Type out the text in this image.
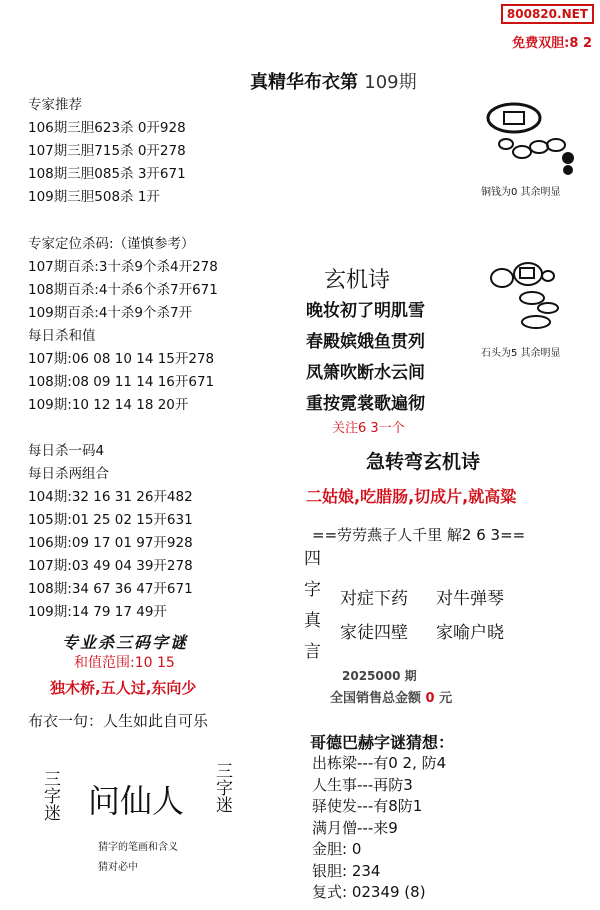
800820.NET
免费双胆:8 2
真精华布衣第 109期
专家推荐
106期三胆623杀 0开928
107期三胆715杀 0开278
108期三胆085杀 3开671
109期三胆508杀 1开
专家定位杀码:（谨慎参考）
107期百杀:3十杀9个杀4开278
108期百杀:4十杀6个杀7开671
109期百杀:4十杀9个杀7开
每日杀和值
107期:06 08 10 14 15开278
108期:08 09 11 14 16开671
109期:10 12 14 18 20开
每日杀一码4
每日杀两组合
104期:32 16 31 26开482
105期:01 25 02 15开631
106期:09 17 01 97开928
107期:03 49 04 39开278
108期:34 67 36 47开671
109期:14 79 17 49开
专业杀三码字谜
和值范围:10 15
独木桥,五人过,东向少
布衣一句：人生如此自可乐
三字迷 问仙人 三字迷
猜字的笔画和含义
猜对必中
铜钱为0 其余明显
石头为5 其余明显
玄机诗
晚妆初了明肌雪
春殿嫔娥鱼贯列
凤箫吹断水云间
重按霓裳歌遍彻
关注6 3一个
急转弯玄机诗
二姑娘,吃腊肠,切成片,就高粱
==劳劳燕子人千里 解2 6 3==
四字真言
对症下药 对牛弹琴
家徒四壁 家喻户晓
2025000 期
全国销售总金额 0 元
哥德巴赫字谜猜想：
出栋梁---有0 2, 防4
人生事---再防3
驿使发---有8防1
满月僧---来9
金胆: 0
银胆: 234
复式: 02349 (8)
